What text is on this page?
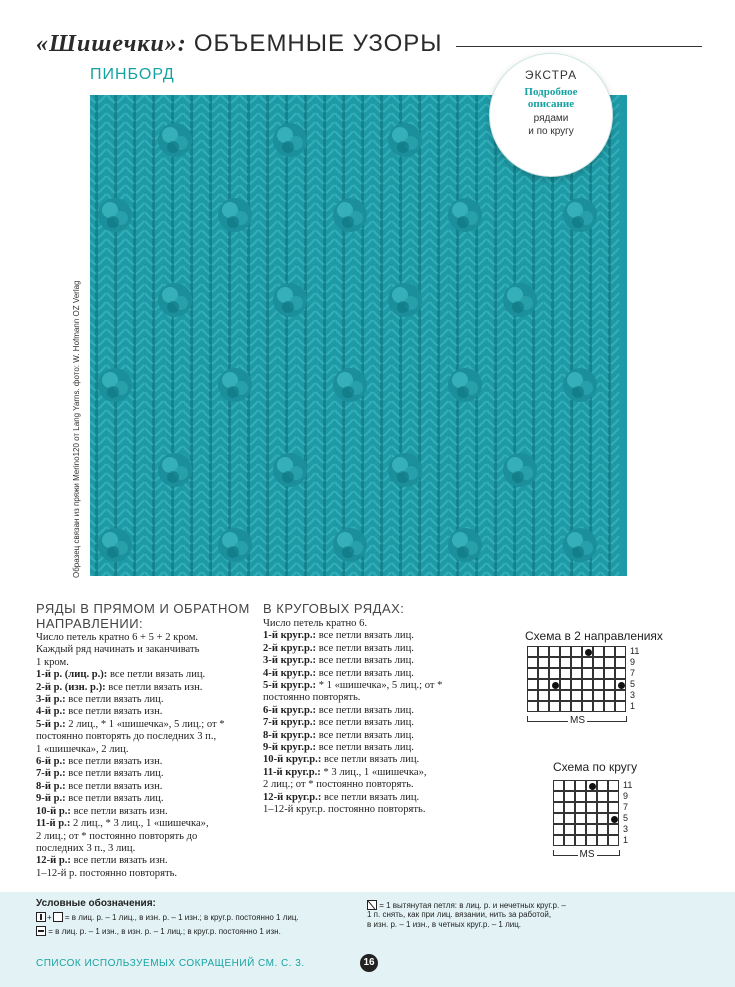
«Шишечки»: ОБЪЕМНЫЕ УЗОРЫ
ПИНБОРД	ЭКСТРА
Подробное
описание
рядами
и по кругу
Образец связан из пряжи Merino120 от Lang Yarns. фото: W. Hofmann OZ Verlag
РЯДЫ В ПРЯМОМ И ОБРАТНОМ
НАПРАВЛЕНИИ:

Число петель кратно 6 + 5 + 2 кром.

Каждый ряд начинать и заканчивать

1 кром.

1-й р. (лиц. р.): все петли вязать лиц.

2-й р. (изн. р.): все петли вязать изн.

3-й р.: все петли вязать лиц.

4-й р.: все петли вязать изн.

5-й р.: 2 лиц., * 1 «шишечка», 5 лиц.; от *

постоянно повторять до последних 3 п.,

1 «шишечка», 2 лиц.

6-й р.: все петли вязать изн.

7-й р.: все петли вязать лиц.

8-й р.: все петли вязать изн.

9-й р.: все петли вязать лиц.

10-й р.: все петли вязать изн.

11-й р.: 2 лиц., * 3 лиц., 1 «шишечка»,

2 лиц.; от * постоянно повторять до

последних 3 п., 3 лиц.

12-й р.: все петли вязать изн.

1–12-й р. постоянно повторять.

В КРУГОВЫХ РЯДАХ:

Число петель кратно 6.

1-й круг.р.: все петли вязать лиц.

2-й круг.р.: все петли вязать лиц.

3-й круг.р.: все петли вязать лиц.

4-й круг.р.: все петли вязать лиц.

5-й круг.р.: * 1 «шишечка», 5 лиц.; от *

постоянно повторять.

6-й круг.р.: все петли вязать лиц.

7-й круг.р.: все петли вязать лиц.

8-й круг.р.: все петли вязать лиц.

9-й круг.р.: все петли вязать лиц.

10-й круг.р.: все петли вязать лиц.

11-й круг.р.: * 3 лиц., 1 «шишечка»,

2 лиц.; от * постоянно повторять.

12-й круг.р.: все петли вязать лиц.

1–12-й круг.р. постоянно повторять.

Схема в 2 направлениях
11
9
7
5
3
1
MS
Схема по кругу
11
9
7
5
3
1
MS
Условные обозначения:
+ = в лиц. р. – 1 лиц., в изн. р. – 1 изн.; в круг.р. постоянно 1 лиц.
= в лиц. р. – 1 изн., в изн. р. – 1 лиц.; в круг.р. постоянно 1 изн.
= 1 вытянутая петля: в лиц. р. и нечетных круг.р. –
1 п. снять, как при лиц. вязании, нить за работой,
в изн. р. – 1 изн., в четных круг.р. – 1 лиц.
СПИСОК ИСПОЛЬЗУЕМЫХ СОКРАЩЕНИЙ СМ. С. 3.	16
